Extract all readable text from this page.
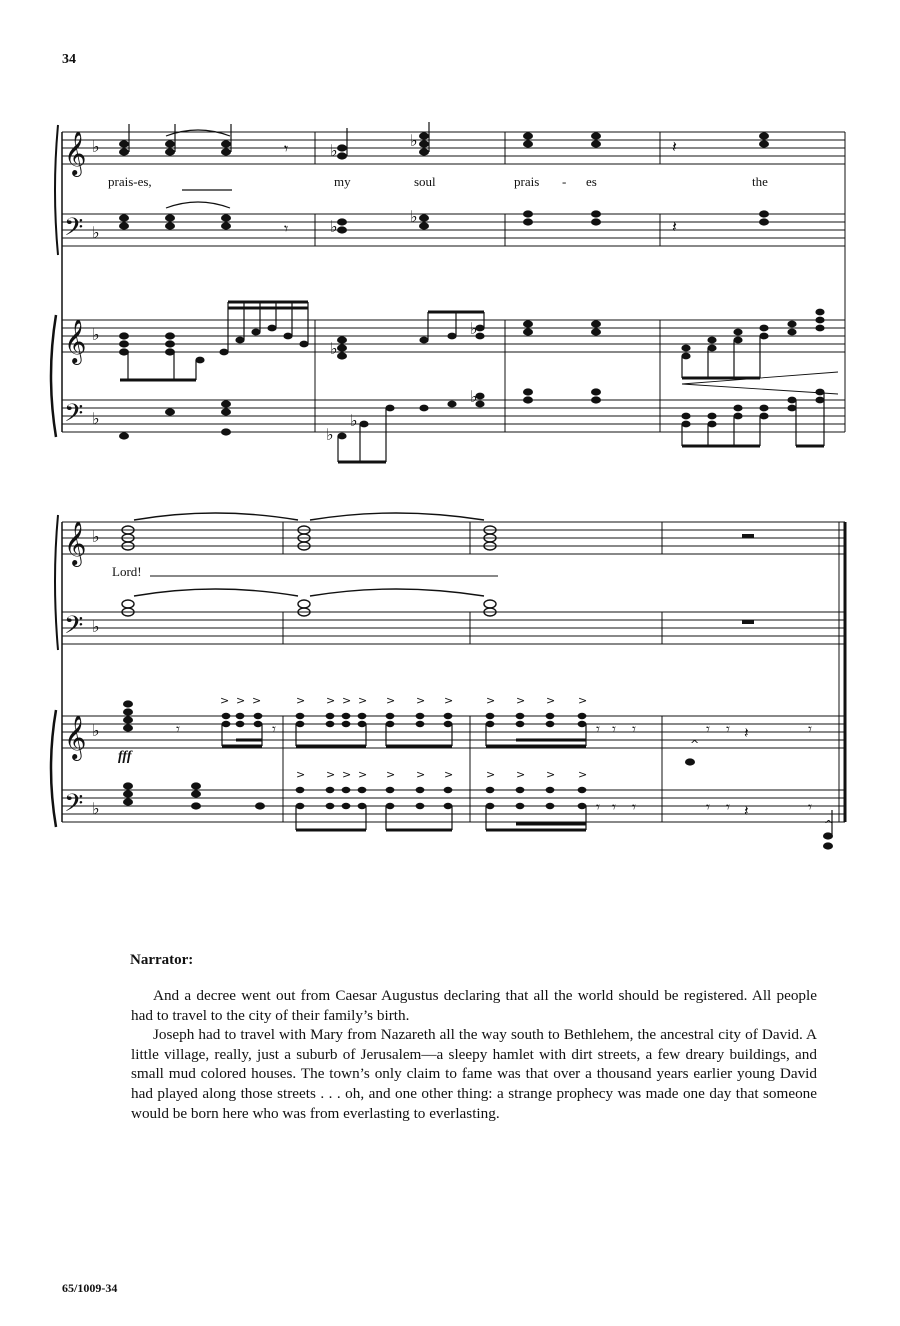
34
𝄞
𝄢
𝄞
𝄢
𝄞
𝄢
𝄞
𝄢
♭
♭
♭
♭
♭
♭
♭
♭
𝄾
𝄾
𝄽
𝄽
♭
♭
♭
♭
♭
♭
♭
♭
♭
> > >	> > > > > > >	> > > >
> > > > > > >	> > > >
^
^
𝄾	𝄾	𝄾 𝄾 𝄾	𝄾 𝄾 𝄽	𝄾
𝄾 𝄾 𝄾	𝄾 𝄾 𝄽	𝄾
prais-es,	my	soul	prais - es	the
Lord!
fff
Narrator:

And a decree went out from Caesar Augustus declaring that all the world should be registered. All people had to travel to the city of their family’s birth.

Joseph had to travel with Mary from Nazareth all the way south to Bethlehem, the ancestral city of David. A little village, really, just a suburb of Jerusalem—a sleepy hamlet with dirt streets, a few dreary buildings, and small mud colored houses. The town’s only claim to fame was that over a thousand years earlier young David had played along those streets . . . oh, and one other thing: a strange prophecy was made one day that someone would be born here who was from everlasting to everlasting.

65/1009-34
